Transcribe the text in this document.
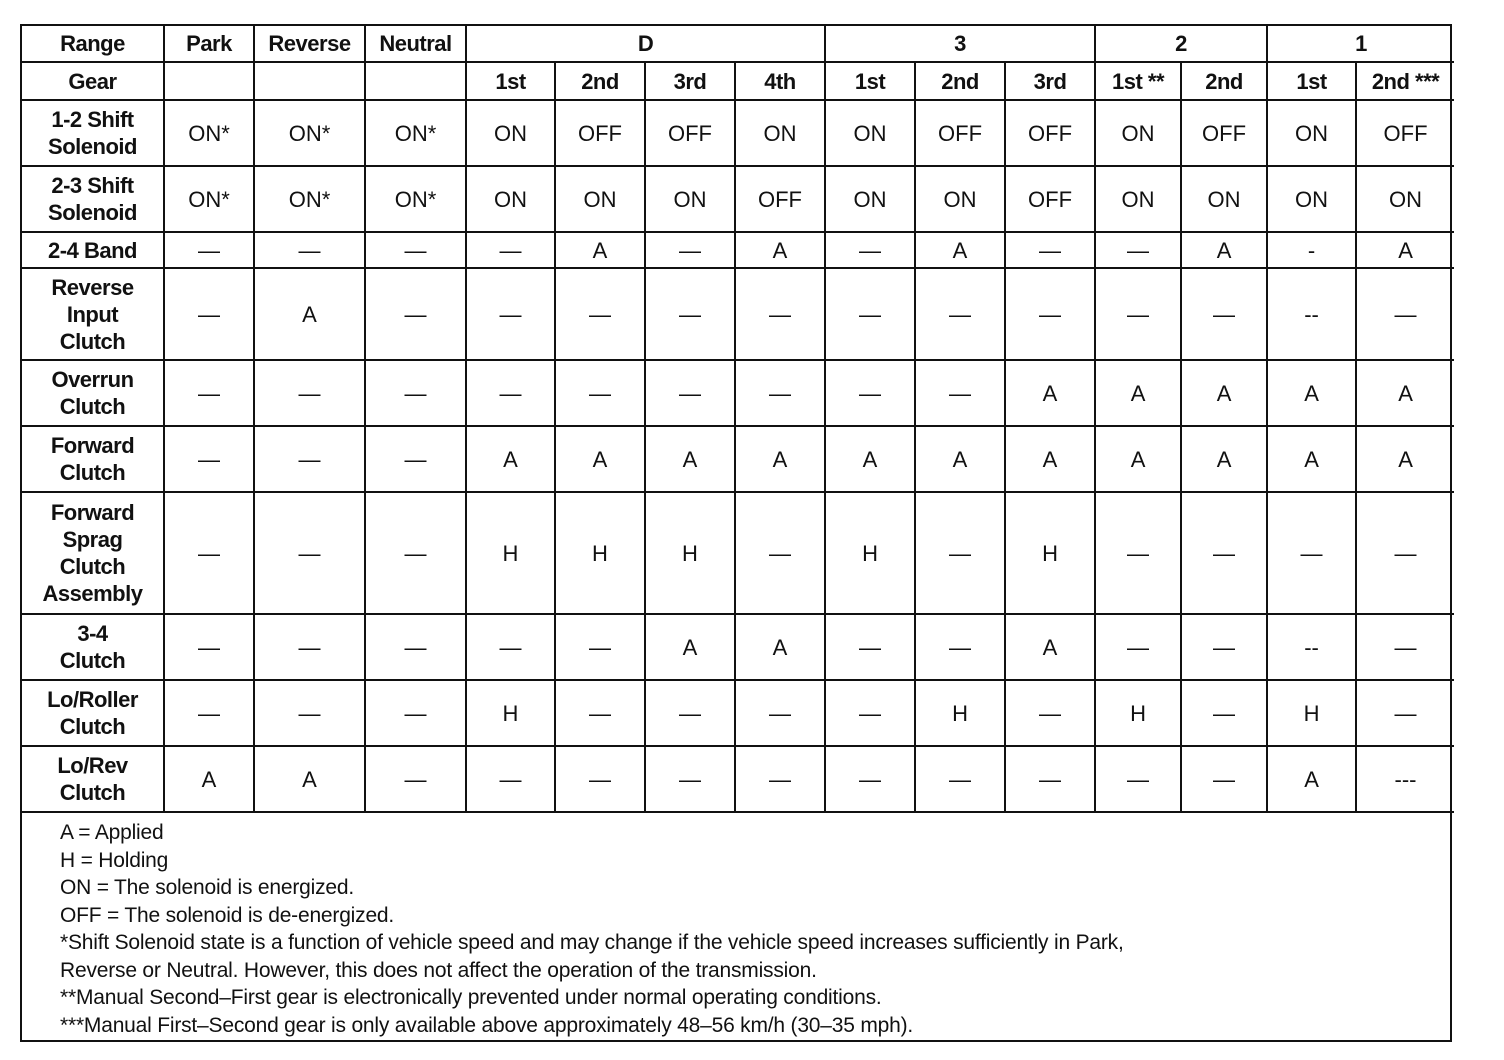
Range	Park	Reverse	Neutral	D				3			2		1	
Gear				1st	2nd	3rd	4th	1st	2nd	3rd	1st **	2nd	1st	2nd ***

1-2 Shift
Solenoid	ON*	ON*	ON*	ON	OFF	OFF	ON	ON	OFF	OFF	ON	OFF	ON	OFF

2-3 Shift
Solenoid	ON*	ON*	ON*	ON	ON	ON	OFF	ON	ON	OFF	ON	ON	ON	ON

2-4 Band	—	—	—	—	A	—	A	—	A	—	—	A	-	A

Reverse
Input
Clutch	—	A	—	—	—	—	—	—	—	—	—	—	--	—

Overrun
Clutch	—	—	—	—	—	—	—	—	—	A	A	A	A	A

Forward
Clutch	—	—	—	A	A	A	A	A	A	A	A	A	A	A

Forward
Sprag
Clutch
Assembly	—	—	—	H	H	H	—	H	—	H	—	—	—	—

3-4
Clutch	—	—	—	—	—	A	A	—	—	A	—	—	--	—

Lo/Roller
Clutch	—	—	—	H	—	—	—	—	H	—	H	—	H	—

Lo/Rev
Clutch	A	A	—	—	—	—	—	—	—	—	—	—	A	---
A = Applied
H = Holding
ON = The solenoid is energized.
OFF = The solenoid is de-energized.
*Shift Solenoid state is a function of vehicle speed and may change if the vehicle speed increases sufficiently in Park,
Reverse or Neutral. However, this does not affect the operation of the transmission.
**Manual Second–First gear is electronically prevented under normal operating conditions.
***Manual First–Second gear is only available above approximately 48–56 km/h (30–35 mph).
